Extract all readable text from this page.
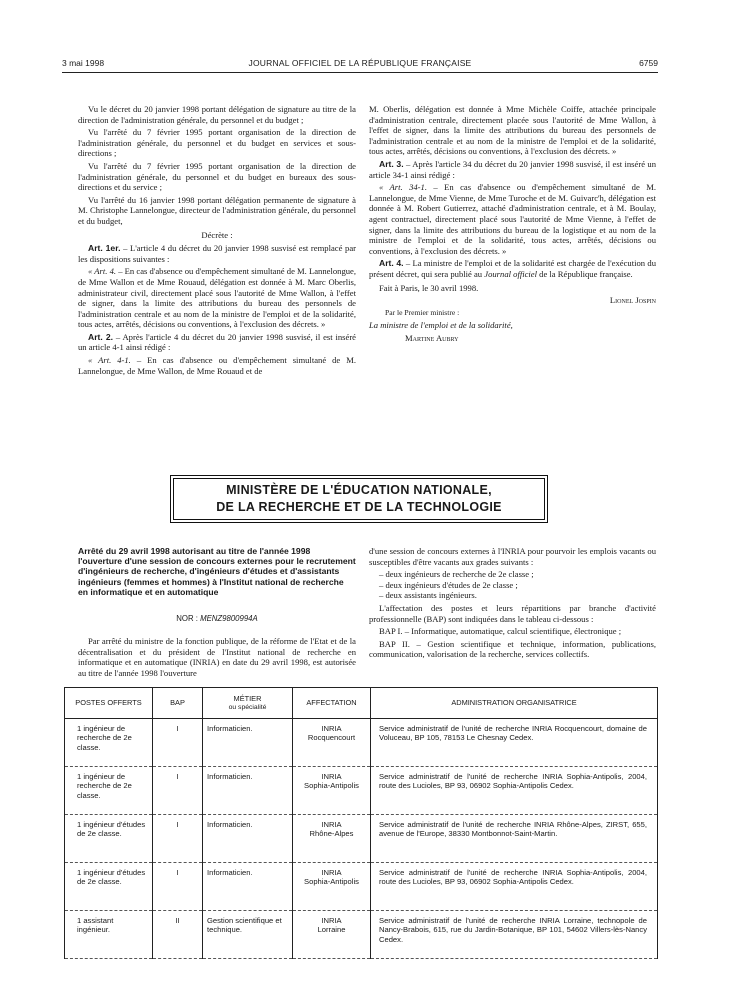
3 mai 1998	JOURNAL OFFICIEL DE LA RÉPUBLIQUE FRANÇAISE	6759

Vu le décret du 20 janvier 1998 portant délégation de signature au titre de la direction de l'administration générale, du personnel et du budget ;

Vu l'arrêté du 7 février 1995 portant organisation de la direction de l'administration générale, du personnel et du budget en services et sous-directions ;

Vu l'arrêté du 7 février 1995 portant organisation de la direction de l'administration générale, du personnel et du budget en bureaux des sous-directions et du service ;

Vu l'arrêté du 16 janvier 1998 portant délégation permanente de signature à M. Christophe Lannelongue, directeur de l'administration générale, du personnel et du budget,

Décrète :

Art. 1er. – L'article 4 du décret du 20 janvier 1998 susvisé est remplacé par les dispositions suivantes :

« Art. 4. – En cas d'absence ou d'empêchement simultané de M. Lannelongue, de Mme Wallon et de Mme Rouaud, délégation est donnée à M. Marc Oberlis, administrateur civil, directement placé sous l'autorité de Mme Wallon, à l'effet de signer, dans la limite des attributions du bureau des personnels de l'administration centrale et au nom de la ministre de l'emploi et de la solidarité, tous actes, arrêtés, décisions ou conventions, à l'exclusion des décrets. »

Art. 2. – Après l'article 4 du décret du 20 janvier 1998 susvisé, il est inséré un article 4-1 ainsi rédigé :

« Art. 4-1. – En cas d'absence ou d'empêchement simultané de M. Lannelongue, de Mme Wallon, de Mme Rouaud et de

M. Oberlis, délégation est donnée à Mme Michèle Coiffe, attachée principale d'administration centrale, directement placée sous l'autorité de Mme Wallon, à l'effet de signer, dans la limite des attributions du bureau des personnels de l'administration centrale et au nom de la ministre de l'emploi et de la solidarité, tous actes, arrêtés, décisions ou conventions, à l'exclusion des décrets. »

Art. 3. – Après l'article 34 du décret du 20 janvier 1998 susvisé, il est inséré un article 34-1 ainsi rédigé :

« Art. 34-1. – En cas d'absence ou d'empêchement simultané de M. Lannelongue, de Mme Vienne, de Mme Turoche et de M. Guivarc'h, délégation est donnée à M. Robert Gutierrez, attaché d'administration centrale, et à M. Boulay, agent contractuel, directement placé sous l'autorité de Mme Vienne, à l'effet de signer, dans la limite des attributions du bureau de la logistique et au nom de la ministre de l'emploi et de la solidarité, tous actes, arrêtés, décisions ou conventions, à l'exclusion des décrets. »

Art. 4. – La ministre de l'emploi et de la solidarité est chargée de l'exécution du présent décret, qui sera publié au Journal officiel de la République française.

Fait à Paris, le 30 avril 1998.

Lionel Jospin

Par le Premier ministre :

La ministre de l'emploi et de la solidarité,

Martine Aubry

MINISTÈRE DE L'ÉDUCATION NATIONALE,
DE LA RECHERCHE ET DE LA TECHNOLOGIE
Arrêté du 29 avril 1998 autorisant au titre de l'année 1998 l'ouverture d'une session de concours externes pour le recrutement d'ingénieurs de recherche, d'ingénieurs d'études et d'assistants ingénieurs (femmes et hommes) à l'Institut national de recherche en informatique et en automatique
NOR : MENZ9800994A

Par arrêté du ministre de la fonction publique, de la réforme de l'Etat et de la décentralisation et du président de l'Institut national de recherche en informatique et en automatique (INRIA) en date du 29 avril 1998, est autorisée au titre de l'année 1998 l'ouverture

d'une session de concours externes à l'INRIA pour pourvoir les emplois vacants ou susceptibles d'être vacants aux grades suivants :

– deux ingénieurs de recherche de 2e classe ;
– deux ingénieurs d'études de 2e classe ;
– deux assistants ingénieurs.

L'affectation des postes et leurs répartitions par branche d'activité professionnelle (BAP) sont indiquées dans le tableau ci-dessous :

BAP I. – Informatique, automatique, calcul scientifique, électronique ;

BAP II. – Gestion scientifique et technique, information, publications, communication, valorisation de la recherche, services collectifs.

POSTES OFFERTS	BAP	MÉTIER
ou spécialité	AFFECTATION	ADMINISTRATION ORGANISATRICE
1 ingénieur de recherche de 2e classe.	I	Informaticien.	INRIA
Rocquencourt	Service administratif de l'unité de recherche INRIA Rocquencourt, domaine de Voluceau, BP 105, 78153 Le Chesnay Cedex.
1 ingénieur de recherche de 2e classe.	I	Informaticien.	INRIA
Sophia-Antipolis	Service administratif de l'unité de recherche INRIA Sophia-Antipolis, 2004, route des Lucioles, BP 93, 06902 Sophia-Antipolis Cedex.
1 ingénieur d'études de 2e classe.	I	Informaticien.	INRIA
Rhône-Alpes	Service administratif de l'unité de recherche INRIA Rhône-Alpes, ZIRST, 655, avenue de l'Europe, 38330 Montbonnot-Saint-Martin.
1 ingénieur d'études de 2e classe.	I	Informaticien.	INRIA
Sophia-Antipolis	Service administratif de l'unité de recherche INRIA Sophia-Antipolis, 2004, route des Lucioles, BP 93, 06902 Sophia-Antipolis Cedex.
1 assistant ingénieur.	II	Gestion scientifique et technique.	INRIA
Lorraine	Service administratif de l'unité de recherche INRIA Lorraine, technopole de Nancy-Brabois, 615, rue du Jardin-Botanique, BP 101, 54602 Villers-lès-Nancy Cedex.
